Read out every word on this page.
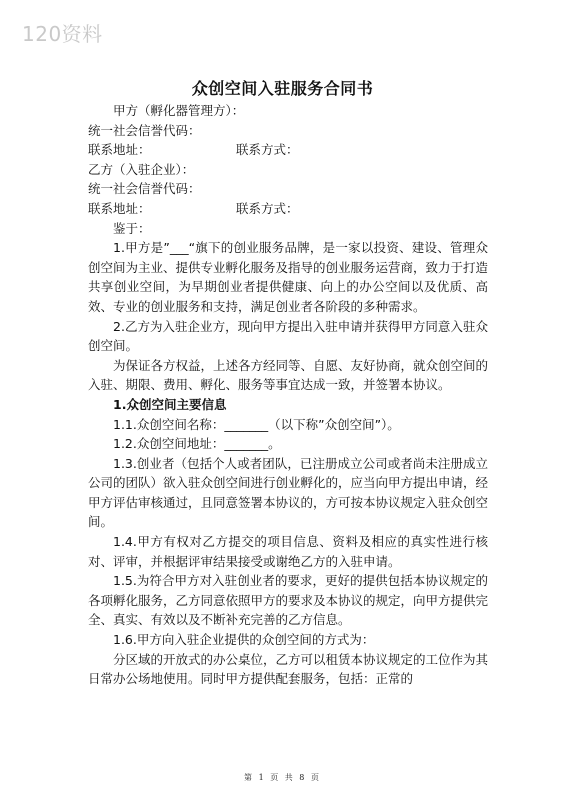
120资料
众创空间入驻服务合同书
甲方（孵化器管理方）：
统一社会信誉代码：
联系地址：	联系方式：
乙方（入驻企业）：
统一社会信誉代码：
联系地址：	联系方式：
鉴于：

1.甲方是”___“旗下的创业服务品牌，是一家以投资、建设、管理众创空间为主业、提供专业孵化服务及指导的创业服务运营商，致力于打造共享创业空间，为早期创业者提供健康、向上的办公空间以及优质、高效、专业的创业服务和支持，满足创业者各阶段的多种需求。

2.乙方为入驻企业方，现向甲方提出入驻申请并获得甲方同意入驻众创空间。

为保证各方权益，上述各方经同等、自愿、友好协商，就众创空间的入驻、期限、费用、孵化、服务等事宜达成一致，并签署本协议。

1.众创空间主要信息

1.1.众创空间名称：_______（以下称”众创空间”）。

1.2.众创空间地址：_______。

1.3.创业者（包括个人或者团队，已注册成立公司或者尚未注册成立公司的团队）欲入驻众创空间进行创业孵化的，应当向甲方提出申请，经甲方评估审核通过，且同意签署本协议的，方可按本协议规定入驻众创空间。

1.4.甲方有权对乙方提交的项目信息、资料及相应的真实性进行核对、评审，并根据评审结果接受或谢绝乙方的入驻申请。

1.5.为符合甲方对入驻创业者的要求，更好的提供包括本协议规定的各项孵化服务，乙方同意依照甲方的要求及本协议的规定，向甲方提供完全、真实、有效以及不断补充完善的乙方信息。

1.6.甲方向入驻企业提供的众创空间的方式为：

分区域的开放式的办公桌位，乙方可以租赁本协议规定的工位作为其日常办公场地使用。同时甲方提供配套服务，包括：正常的

第 1 页 共 8 页
